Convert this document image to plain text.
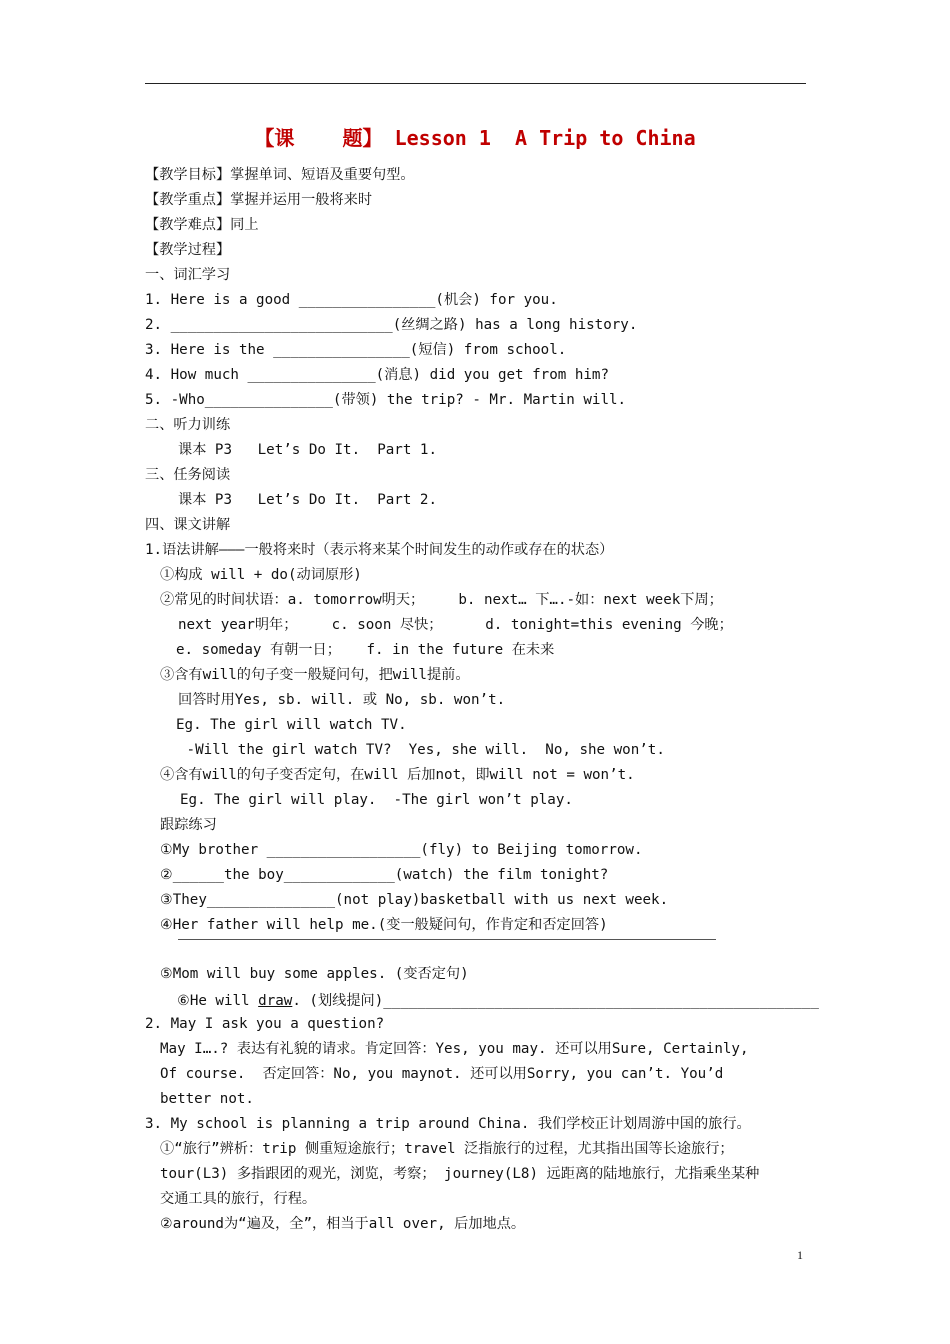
【课    题】 Lesson 1  A Trip to China
【教学目标】掌握单词、短语及重要句型。
【教学重点】掌握并运用一般将来时
【教学难点】同上
【教学过程】
一、词汇学习
1. Here is a good ________________(机会) for you.
2. __________________________(丝绸之路) has a long history.
3. Here is the ________________(短信) from school.
4. How much _______________(消息) did you get from him?
5. -Who_______________(带领) the trip? - Mr. Martin will.
二、听力训练
课本 P3   Let’s Do It.  Part 1.
三、任务阅读
课本 P3   Let’s Do It.  Part 2.
四、课文讲解
1.语法讲解———一般将来时（表示将来某个时间发生的动作或存在的状态）
①构成 will + do(动词原形)
②常见的时间状语：a. tomorrow明天；    b. next… 下….-如：next week下周；
next year明年；    c. soon 尽快；     d. tonight=this evening 今晚；
e. someday 有朝一日；   f. in the future 在未来
③含有will的句子变一般疑问句，把will提前。
回答时用Yes, sb. will. 或 No, sb. won’t.
Eg. The girl will watch TV.
-Will the girl watch TV?  Yes, she will.  No, she won’t.
④含有will的句子变否定句，在will 后加not，即will not = won’t.
Eg. The girl will play.  -The girl won’t play.
跟踪练习
①My brother __________________(fly) to Beijing tomorrow.
②______the boy_____________(watch) the film tonight?
③They_______________(not play)basketball with us next week.
④Her father will help me.(变一般疑问句，作肯定和否定回答)
⑤Mom will buy some apples. (变否定句)
2. May I ask you a question?
May I….? 表达有礼貌的请求。肯定回答：Yes, you may. 还可以用Sure, Certainly,
Of course.  否定回答：No, you maynot. 还可以用Sorry, you can’t. You’d
better not.
3. My school is planning a trip around China. 我们学校正计划周游中国的旅行。
①“旅行”辨析：trip 侧重短途旅行；travel 泛指旅行的过程，尤其指出国等长途旅行；
tour(L3) 多指跟团的观光，浏览，考察； journey(L8) 远距离的陆地旅行，尤指乘坐某种
交通工具的旅行，行程。
②around为“遍及，全”，相当于all over, 后加地点。

⑥He will draw. (划线提问)___________________________________________________

1
